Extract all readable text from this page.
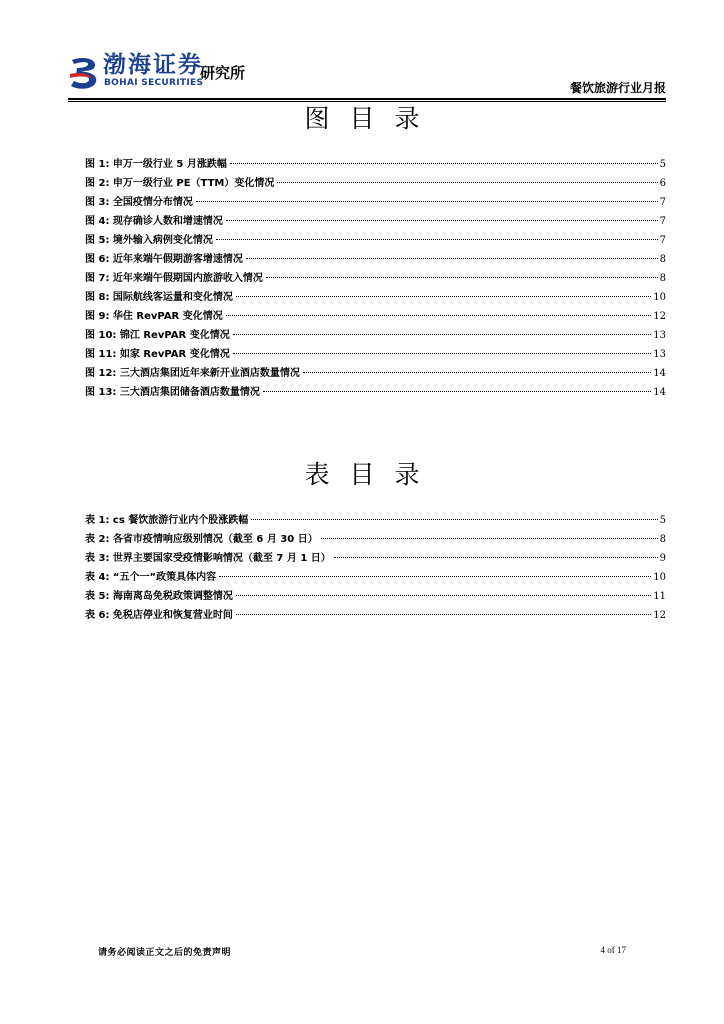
渤海证券
BOHAI SECURITIES
研究所
餐饮旅游行业月报
图目录
图 1: 申万一级行业 5 月涨跌幅	5
图 2: 申万一级行业 PE（TTM）变化情况	6
图 3: 全国疫情分布情况	7
图 4: 现存确诊人数和增速情况	7
图 5: 境外输入病例变化情况	7
图 6: 近年来端午假期游客增速情况	8
图 7: 近年来端午假期国内旅游收入情况	8
图 8: 国际航线客运量和变化情况	10
图 9: 华住 RevPAR 变化情况	12
图 10: 锦江 RevPAR 变化情况	13
图 11: 如家 RevPAR 变化情况	13
图 12: 三大酒店集团近年来新开业酒店数量情况	14
图 13: 三大酒店集团储备酒店数量情况	14
表目录
表 1: cs 餐饮旅游行业内个股涨跌幅	5
表 2: 各省市疫情响应级别情况（截至 6 月 30 日）	8
表 3: 世界主要国家受疫情影响情况（截至 7 月 1 日）	9
表 4: “五个一”政策具体内容	10
表 5: 海南离岛免税政策调整情况	11
表 6: 免税店停业和恢复营业时间	12
请务必阅读正文之后的免责声明	4 of 17
